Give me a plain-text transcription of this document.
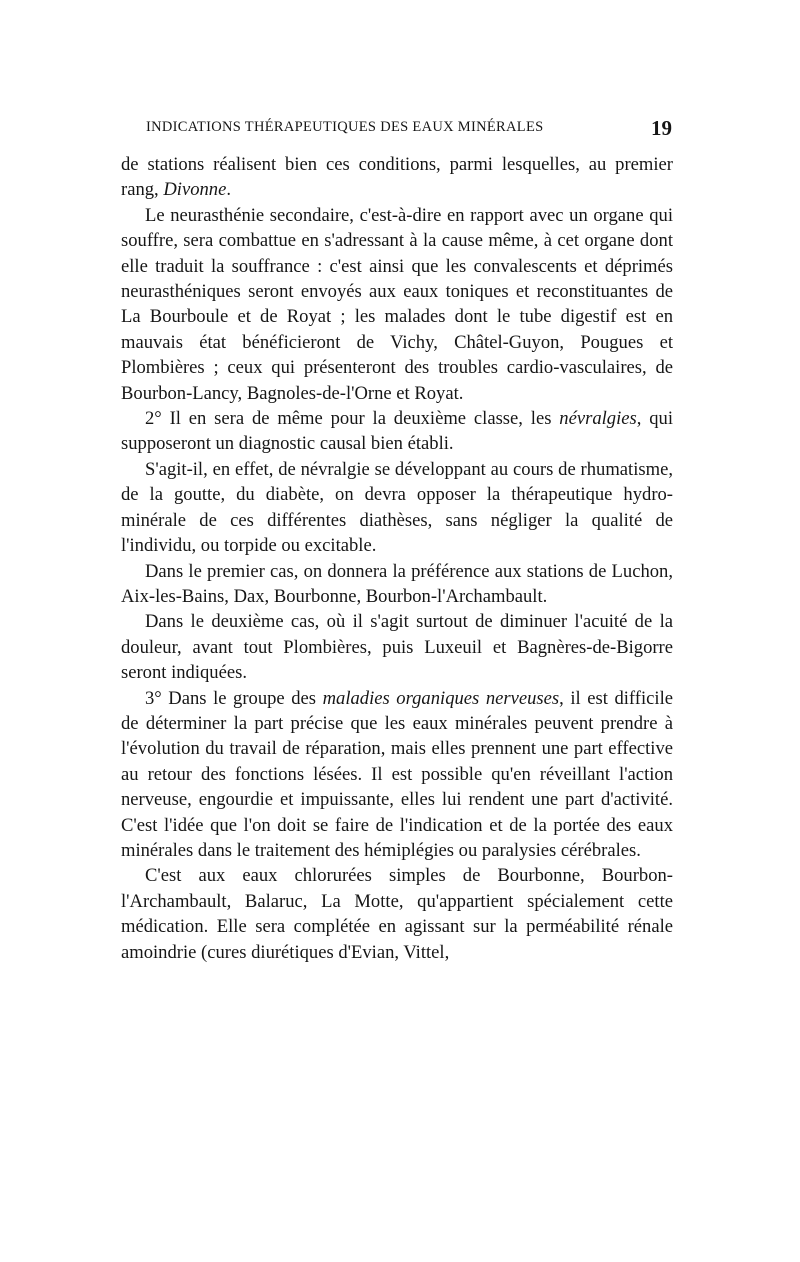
INDICATIONS THÉRAPEUTIQUES DES EAUX MINÉRALES	19

de stations réalisent bien ces conditions, parmi lesquelles, au premier rang, Divonne.

Le neurasthénie secondaire, c'est-à-dire en rapport avec un organe qui souffre, sera combattue en s'adressant à la cause même, à cet organe dont elle traduit la souffrance : c'est ainsi que les convalescents et déprimés neurasthéniques seront envoyés aux eaux toniques et reconstituantes de La Bourboule et de Royat ; les malades dont le tube digestif est en mauvais état bénéficieront de Vichy, Châtel-Guyon, Pougues et Plombières ; ceux qui présenteront des troubles cardio-vasculaires, de Bourbon-Lancy, Bagnoles-de-l'Orne et Royat.

2° Il en sera de même pour la deuxième classe, les névralgies, qui supposeront un diagnostic causal bien établi.

S'agit-il, en effet, de névralgie se développant au cours de rhumatisme, de la goutte, du diabète, on devra opposer la thérapeutique hydro-minérale de ces différentes diathèses, sans négliger la qualité de l'individu, ou torpide ou excitable.

Dans le premier cas, on donnera la préférence aux stations de Luchon, Aix-les-Bains, Dax, Bourbonne, Bourbon-l'Archambault.

Dans le deuxième cas, où il s'agit surtout de diminuer l'acuité de la douleur, avant tout Plombières, puis Luxeuil et Bagnères-de-Bigorre seront indiquées.

3° Dans le groupe des maladies organiques nerveuses, il est difficile de déterminer la part précise que les eaux minérales peuvent prendre à l'évolution du travail de réparation, mais elles prennent une part effective au retour des fonctions lésées. Il est possible qu'en réveillant l'action nerveuse, engourdie et impuissante, elles lui rendent une part d'activité. C'est l'idée que l'on doit se faire de l'indication et de la portée des eaux minérales dans le traitement des hémiplégies ou paralysies cérébrales.

C'est aux eaux chlorurées simples de Bourbonne, Bourbon-l'Archambault, Balaruc, La Motte, qu'appartient spécialement cette médication. Elle sera complétée en agissant sur la perméabilité rénale amoindrie (cures diurétiques d'Evian, Vittel,
